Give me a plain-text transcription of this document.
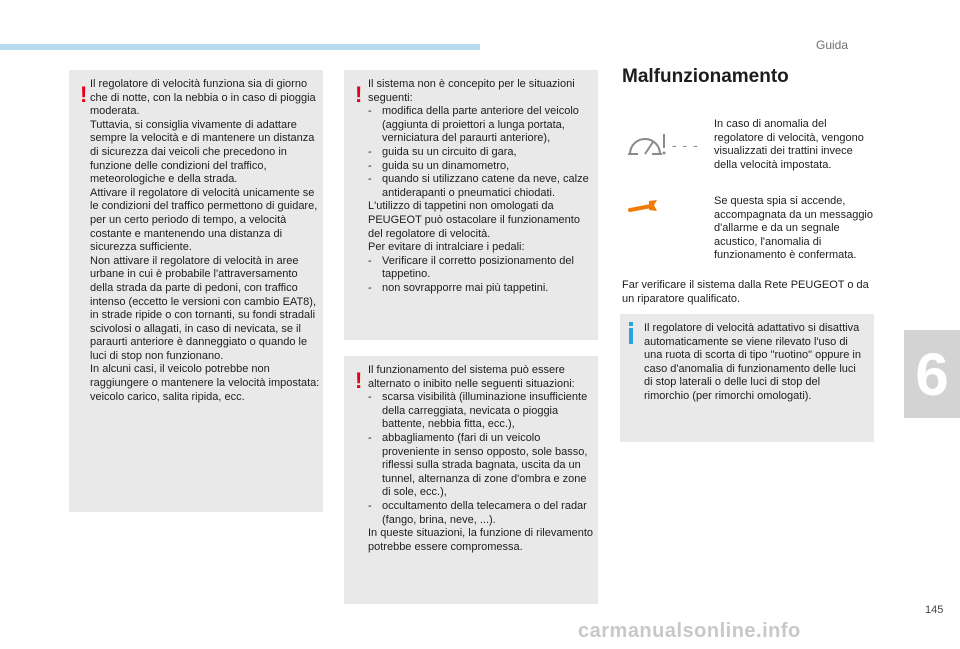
Guida
! Il regolatore di velocità funziona sia di giorno che di notte, con la nebbia o in caso di pioggia moderata.
Tuttavia, si consiglia vivamente di adattare sempre la velocità e di mantenere un distanza di sicurezza dai veicoli che precedono in funzione delle condizioni del traffico, meteorologiche e della strada.
Attivare il regolatore di velocità unicamente se le condizioni del traffico permettono di guidare, per un certo periodo di tempo, a velocità costante e mantenendo una distanza di sicurezza sufficiente.
Non attivare il regolatore di velocità in aree urbane in cui è probabile l'attraversamento della strada da parte di pedoni, con traffico intenso (eccetto le versioni con cambio EAT8), in strade ripide o con tornanti, su fondi stradali scivolosi o allagati, in caso di nevicata, se il paraurti anteriore è danneggiato o quando le luci di stop non funzionano.
In alcuni casi, il veicolo potrebbe non raggiungere o mantenere la velocità impostata: veicolo carico, salita ripida, ecc.

! Il sistema non è concepito per le situazioni seguenti:

- modifica della parte anteriore del veicolo (aggiunta di proiettori a lunga portata, verniciatura del paraurti anteriore),
- guida su un circuito di gara,
- guida su un dinamometro,
- quando si utilizzano catene da neve, calze antiderapanti o pneumatici chiodati.

L'utilizzo di tappetini non omologati da PEUGEOT può ostacolare il funzionamento del regolatore di velocità.
Per evitare di intralciare i pedali:

- Verificare il corretto posizionamento del tappetino.
- non sovrapporre mai più tappetini.
! Il funzionamento del sistema può essere alternato o inibito nelle seguenti situazioni:

- scarsa visibilità (illuminazione insufficiente della carreggiata, nevicata o pioggia battente, nebbia fitta, ecc.),
- abbagliamento (fari di un veicolo proveniente in senso opposto, sole basso, riflessi sulla strada bagnata, uscita da un tunnel, alternanza di zone d'ombra e zone di sole, ecc.),
- occultamento della telecamera o del radar (fango, brina, neve, ...).

In queste situazioni, la funzione di rilevamento potrebbe essere compromessa.

Malfunzionamento
- - -

In caso di anomalia del regolatore di velocità, vengono visualizzati dei trattini invece della velocità impostata.

Se questa spia si accende, accompagnata da un messaggio d'allarme e da un segnale acustico, l'anomalia di funzionamento è confermata.

Far verificare il sistema dalla Rete PEUGEOT o da un riparatore qualificato.

Il regolatore di velocità adattativo si disattiva automaticamente se viene rilevato l'uso di una ruota di scorta di tipo "ruotino" oppure in caso d'anomalia di funzionamento delle luci di stop laterali o delle luci di stop del rimorchio (per rimorchi omologati).	6
145
carmanualsonline.info
